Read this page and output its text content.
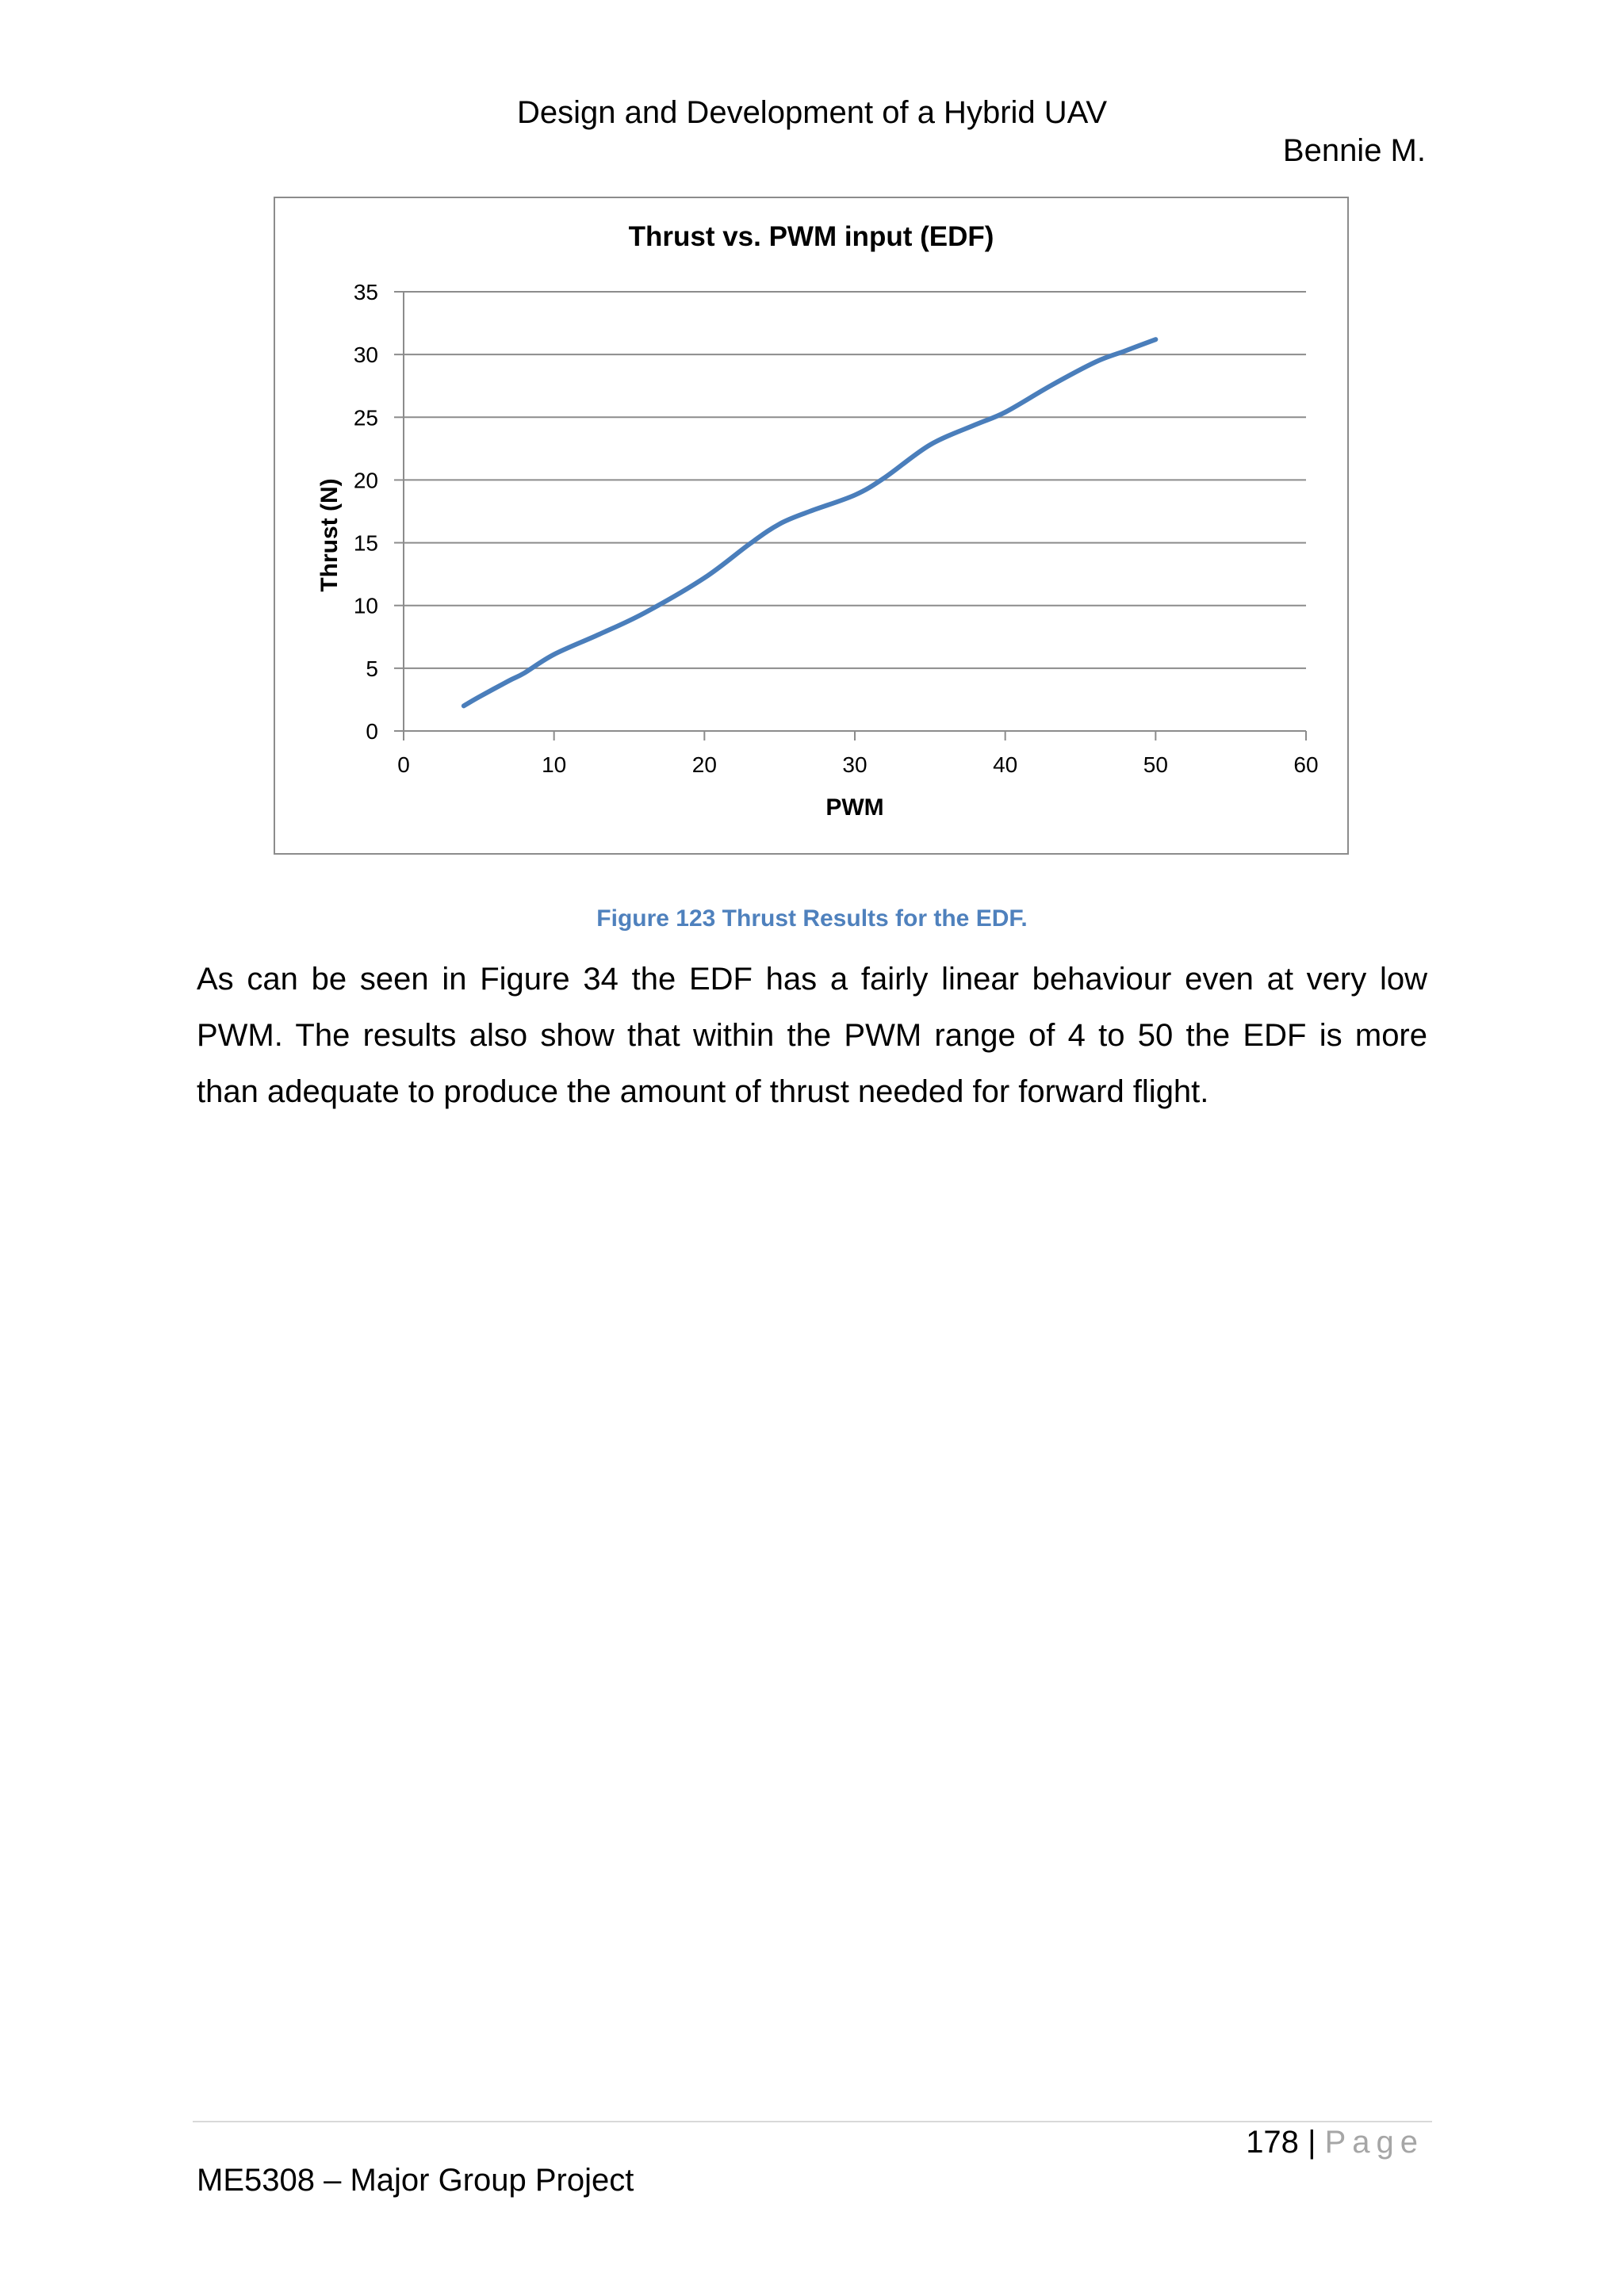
Design and Development of a Hybrid UAV
Bennie M.
Thrust vs. PWM input (EDF)
0
5
10
15
20
25
30
35
0	10	20	30	40	50	60
PWM
Thrust (N)
Figure 123 Thrust Results for the EDF.
As can be seen in Figure 34 the EDF has a fairly linear behaviour even at very low PWM. The results also show that within the PWM range of 4 to 50 the EDF is more than adequate to produce the amount of thrust needed for forward flight.
178 | Page
ME5308 – Major Group Project
